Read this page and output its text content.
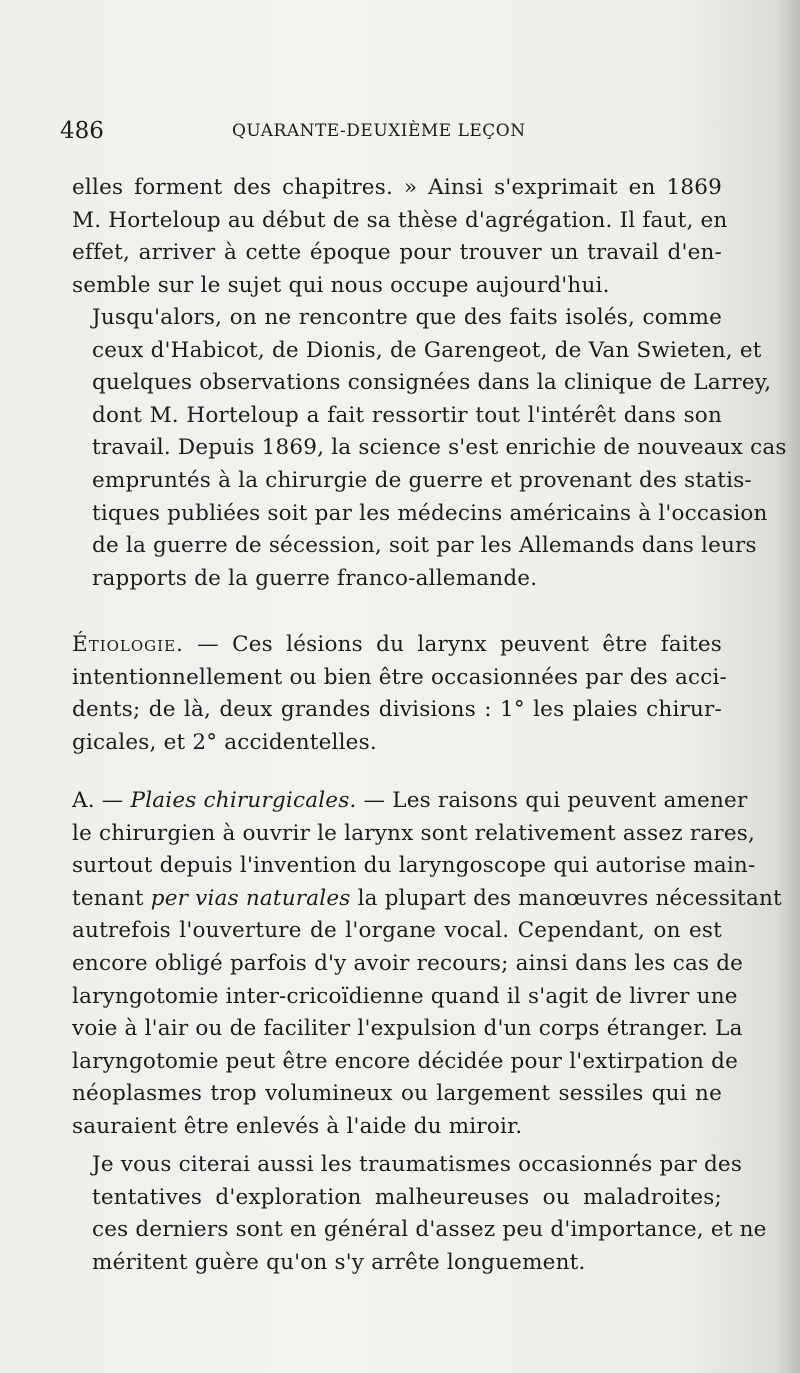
486	QUARANTE-DEUXIÈME LEÇON
elles forment des chapitres. » Ainsi s'exprimait en 1869
M. Horteloup au début de sa thèse d'agrégation. Il faut, en
effet, arriver à cette époque pour trouver un travail d'en-
semble sur le sujet qui nous occupe aujourd'hui.
Jusqu'alors, on ne rencontre que des faits isolés, comme
ceux d'Habicot, de Dionis, de Garengeot, de Van Swieten, et
quelques observations consignées dans la clinique de Larrey,
dont M. Horteloup a fait ressortir tout l'intérêt dans son
travail. Depuis 1869, la science s'est enrichie de nouveaux cas
empruntés à la chirurgie de guerre et provenant des statis-
tiques publiées soit par les médecins américains à l'occasion
de la guerre de sécession, soit par les Allemands dans leurs
rapports de la guerre franco-allemande.
Étiologie. — Ces lésions du larynx peuvent être faites
intentionnellement ou bien être occasionnées par des acci-
dents; de là, deux grandes divisions : 1° les plaies chirur-
gicales, et 2° accidentelles.
A. — Plaies chirurgicales. — Les raisons qui peuvent amener
le chirurgien à ouvrir le larynx sont relativement assez rares,
surtout depuis l'invention du laryngoscope qui autorise main-
tenant per vias naturales la plupart des manœuvres nécessitant
autrefois l'ouverture de l'organe vocal. Cependant, on est
encore obligé parfois d'y avoir recours; ainsi dans les cas de
laryngotomie inter-cricoïdienne quand il s'agit de livrer une
voie à l'air ou de faciliter l'expulsion d'un corps étranger. La
laryngotomie peut être encore décidée pour l'extirpation de
néoplasmes trop volumineux ou largement sessiles qui ne
sauraient être enlevés à l'aide du miroir.
Je vous citerai aussi les traumatismes occasionnés par des
tentatives d'exploration malheureuses ou maladroites;
ces derniers sont en général d'assez peu d'importance, et ne
méritent guère qu'on s'y arrête longuement.
